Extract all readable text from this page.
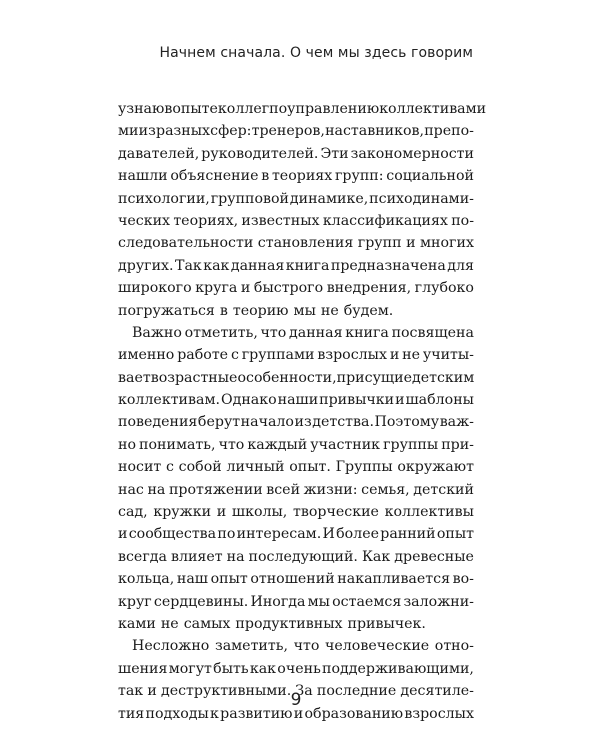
Начнем сначала. О чем мы здесь говорим
узнаю в опыте коллег по управлению коллективами
ми из разных сфер: тренеров, наставников, препо-
давателей, руководителей. Эти закономерности
нашли объяснение в теориях групп: социальной
психологии, групповой динамике, психодинами-
ческих теориях, известных классификациях по-
следовательности становления групп и многих
других. Так как данная книга предназначена для
широкого круга и быстрого внедрения, глубоко
погружаться в теорию мы не будем.
Важно отметить, что данная книга посвящена
именно работе с группами взрослых и не учиты-
вает возрастные особенности, присущие детским
коллективам. Однако наши привычки и шаблоны
поведения берут начало из детства. Поэтому важ-
но понимать, что каждый участник группы при-
носит с собой личный опыт. Группы окружают
нас на протяжении всей жизни: семья, детский
сад, кружки и школы, творческие коллективы
и сообщества по интересам. И более ранний опыт
всегда влияет на последующий. Как древесные
кольца, наш опыт отношений накапливается во-
круг сердцевины. Иногда мы остаемся заложни-
ками не самых продуктивных привычек.
Несложно заметить, что человеческие отно-
шения могут быть как очень поддерживающими,
так и деструктивными. За последние десятиле-
тия подходы к развитию и образованию взрослых
9
